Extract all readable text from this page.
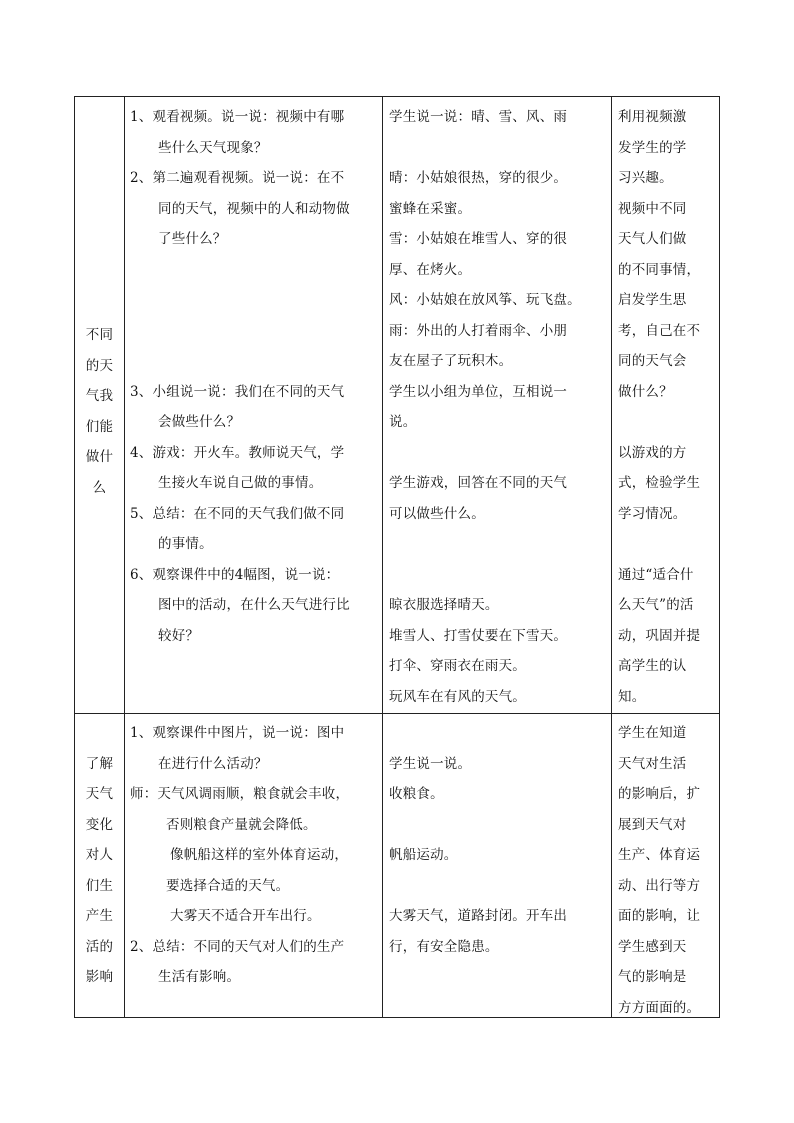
不同

的天

气我

们能

做什

么

1、观看视频。说一说：视频中有哪

些什么天气现象？

2、第二遍观看视频。说一说：在不

同的天气，视频中的人和动物做

了些什么？

3、小组说一说：我们在不同的天气

会做些什么？

4、游戏：开火车。教师说天气，学

生接火车说自己做的事情。

5、总结：在不同的天气我们做不同

的事情。

6、观察课件中的4幅图，说一说：

图中的活动，在什么天气进行比

较好？

学生说一说：晴、雪、风、雨

晴：小姑娘很热，穿的很少。

蜜蜂在采蜜。

雪：小姑娘在堆雪人、穿的很

厚、在烤火。

风：小姑娘在放风筝、玩飞盘。

雨：外出的人打着雨伞、小朋

友在屋子了玩积木。

学生以小组为单位，互相说一

说。

学生游戏，回答在不同的天气

可以做些什么。

晾衣服选择晴天。

堆雪人、打雪仗要在下雪天。

打伞、穿雨衣在雨天。

玩风车在有风的天气。

利用视频激

发学生的学

习兴趣。

视频中不同

天气人们做

的不同事情，

启发学生思

考，自己在不

同的天气会

做什么？

以游戏的方

式，检验学生

学习情况。

通过“适合什

么天气”的活

动，巩固并提

高学生的认

知。

了解

天气

变化

对人

们生

产生

活的

影响

1、观察课件中图片，说一说：图中

在进行什么活动？

师：天气风调雨顺，粮食就会丰收，

否则粮食产量就会降低。

像帆船这样的室外体育运动，

要选择合适的天气。

大雾天不适合开车出行。

2、总结：不同的天气对人们的生产

生活有影响。

学生说一说。

收粮食。

帆船运动。

大雾天气，道路封闭。开车出

行，有安全隐患。

学生在知道

天气对生活

的影响后，扩

展到天气对

生产、体育运

动、出行等方

面的影响，让

学生感到天

气的影响是

方方面面的。
